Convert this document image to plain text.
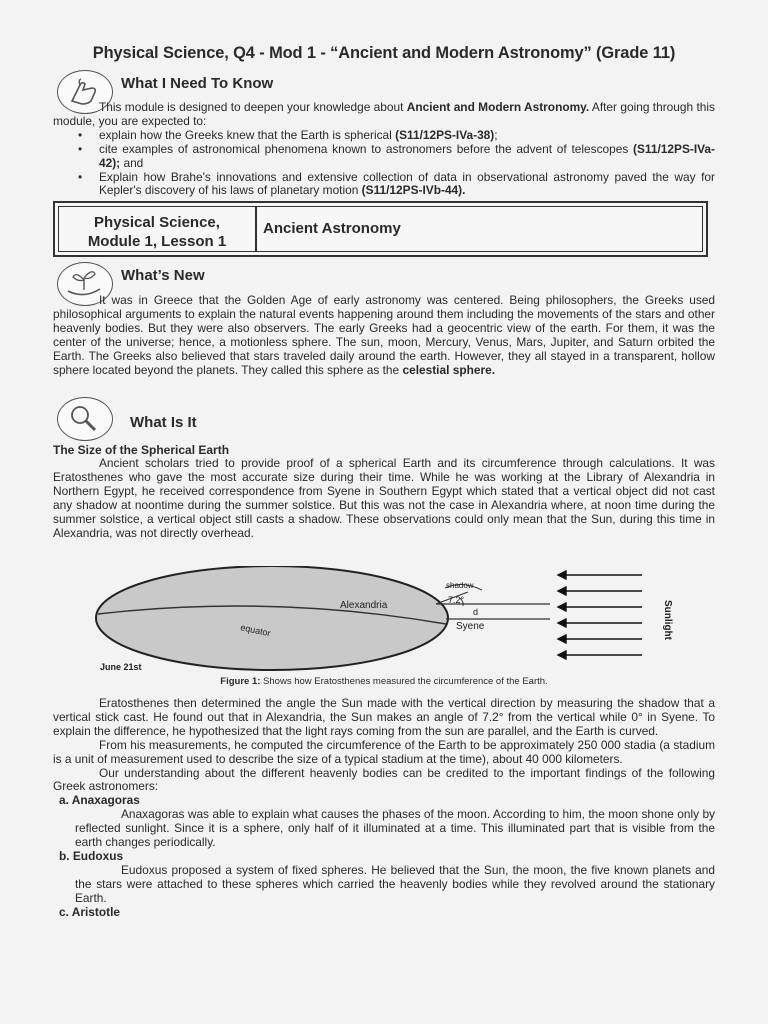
Physical Science, Q4 - Mod 1 - “Ancient and Modern Astronomy” (Grade 11)
What I Need To Know

This module is designed to deepen your knowledge about Ancient and Modern Astronomy. After going through this module, you are expected to:

• explain how the Greeks knew that the Earth is spherical (S11/12PS-IVa-38);
• cite examples of astronomical phenomena known to astronomers before the advent of telescopes (S11/12PS-IVa-42); and
• Explain how Brahe's innovations and extensive collection of data in observational astronomy paved the way for Kepler's discovery of his laws of planetary motion (S11/12PS-IVb-44).
Physical Science,
Module 1, Lesson 1
Ancient Astronomy
What’s New

It was in Greece that the Golden Age of early astronomy was centered. Being philosophers, the Greeks used philosophical arguments to explain the natural events happening around them including the movements of the stars and other heavenly bodies. But they were also observers. The early Greeks had a geocentric view of the earth. For them, it was the center of the universe; hence, a motionless sphere. The sun, moon, Mercury, Venus, Mars, Jupiter, and Saturn orbited the Earth. The Greeks also believed that stars traveled daily around the earth. However, they all stayed in a transparent, hollow sphere located beyond the planets. They called this sphere as the celestial sphere.

What Is It
The Size of the Spherical Earth

Ancient scholars tried to provide proof of a spherical Earth and its circumference through calculations. It was Eratosthenes who gave the most accurate size during their time. While he was working at the Library of Alexandria in Northern Egypt, he received correspondence from Syene in Southern Egypt which stated that a vertical object did not cast any shadow at noontime during the summer solstice. But this was not the case in Alexandria where, at noon time during the summer solstice, a vertical object still casts a shadow. These observations could only mean that the Sun, during this time in Alexandria, was not directly overhead.

Alexandria
Syene
equator
shadow
7.2°
d	Sunlight
June 21st
Figure 1: Shows how Eratosthenes measured the circumference of the Earth.

Eratosthenes then determined the angle the Sun made with the vertical direction by measuring the shadow that a vertical stick cast. He found out that in Alexandria, the Sun makes an angle of 7.2° from the vertical while 0° in Syene. To explain the difference, he hypothesized that the light rays coming from the sun are parallel, and the Earth is curved.

From his measurements, he computed the circumference of the Earth to be approximately 250 000 stadia (a stadium is a unit of measurement used to describe the size of a typical stadium at the time), about 40 000 kilometers.

Our understanding about the different heavenly bodies can be credited to the important findings of the following Greek astronomers:

a. Anaxagoras
Anaxagoras was able to explain what causes the phases of the moon. According to him, the moon shone only by reflected sunlight. Since it is a sphere, only half of it illuminated at a time. This illuminated part that is visible from the earth changes periodically.
b. Eudoxus
Eudoxus proposed a system of fixed spheres. He believed that the Sun, the moon, the five known planets and the stars were attached to these spheres which carried the heavenly bodies while they revolved around the stationary Earth.
c. Aristotle
